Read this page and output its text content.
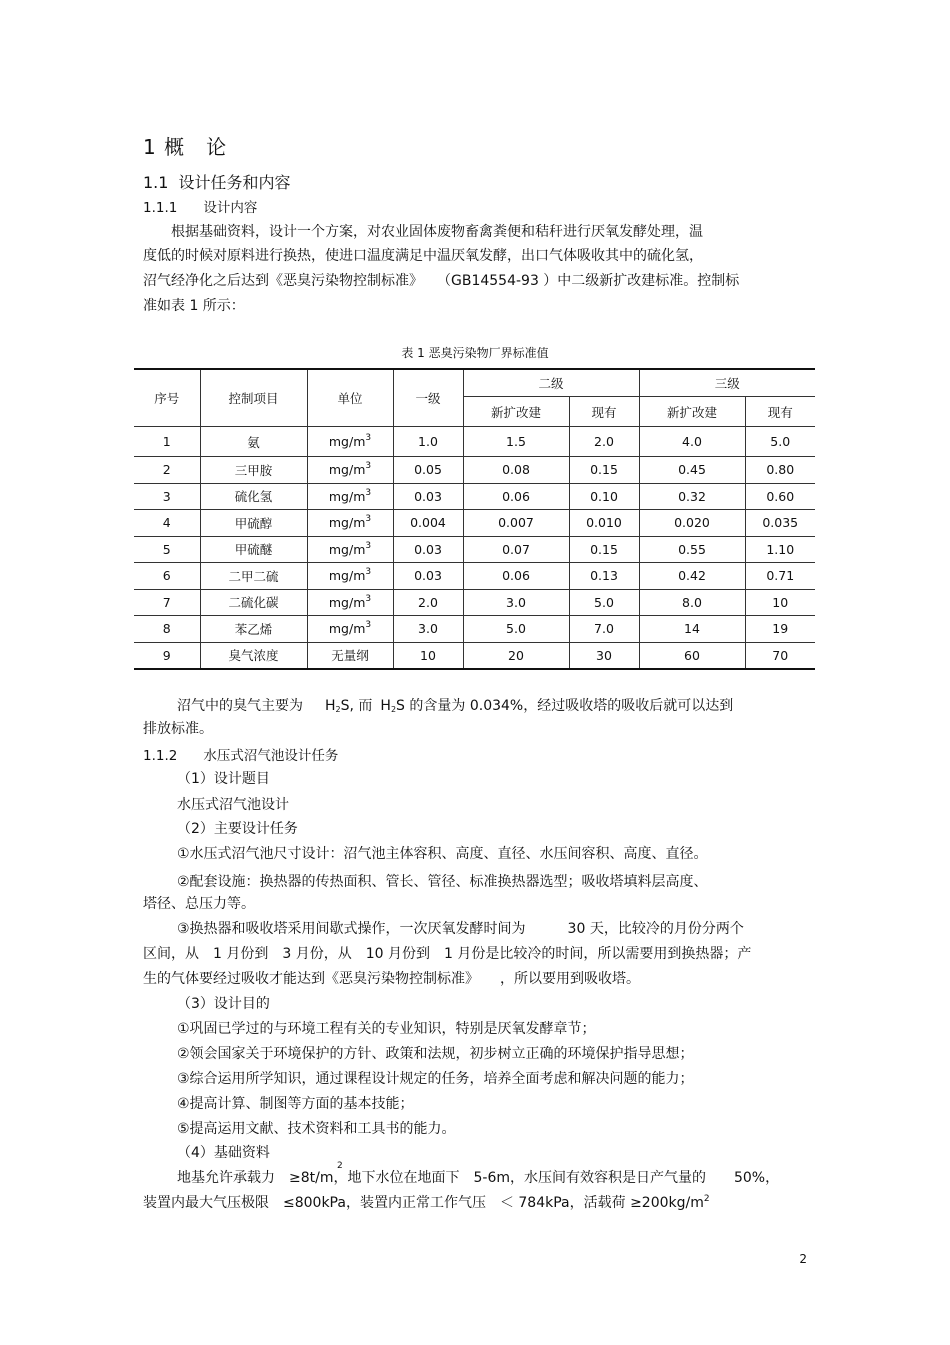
1 概　论
1.1 设计任务和内容
1.1.1 设计内容
根据基础资料，设计一个方案，对农业固体废物畜禽粪便和秸秆进行厌氧发酵处理，温
度低的时候对原料进行换热，使进口温度满足中温厌氧发酵，出口气体吸收其中的硫化氢，
沼气经净化之后达到《恶臭污染物控制标准》　　（GB14554-93 ）中二级新扩改建标准。控制标
准如表 1 所示：
表 1 恶臭污染物厂界标准值
序号	控制项目	单位	一级	二级		三级	
				新扩改建	现有	新扩改建	现有
1	氨	$mg/m^3$	1.0	1.5	2.0	4.0	5.0
2	三甲胺	$mg/m^3$	0.05	0.08	0.15	0.45	0.80
3	硫化氢	$mg/m^3$	0.03	0.06	0.10	0.32	0.60
4	甲硫醇	$mg/m^3$	0.004	0.007	0.010	0.020	0.035
5	甲硫醚	$mg/m^3$	0.03	0.07	0.15	0.55	1.10
6	二甲二硫	$mg/m^3$	0.03	0.06	0.13	0.42	0.71
7	二硫化碳	$mg/m^3$	2.0	3.0	5.0	8.0	10
8	苯乙烯	$mg/m^3$	3.0	5.0	7.0	14	19
9	臭气浓度	无量纲	10	20	30	60	70
沼气中的臭气主要为 $H_2S$, 而 $H_2S$ 的含量为 0.034%，经过吸收塔的吸收后就可以达到
排放标准。
1.1.2 水压式沼气池设计任务
（1）设计题目
水压式沼气池设计
（2）主要设计任务
①水压式沼气池尺寸设计：沼气池主体容积、高度、直径、水压间容积、高度、直径。
②配套设施：换热器的传热面积、管长、管径、标准换热器选型；吸收塔填料层高度、
塔径、总压力等。
③换热器和吸收塔采用间歇式操作，一次厌氧发酵时间为　　　30 天，比较冷的月份分两个
区间，从　1 月份到　3 月份，从　10 月份到　1 月份是比较冷的时间，所以需要用到换热器；产
生的气体要经过吸收才能达到《恶臭污染物控制标准》　　，所以要用到吸收塔。
（3）设计目的
①巩固已学过的与环境工程有关的专业知识，特别是厌氧发酵章节；
②领会国家关于环境保护的方针、政策和法规，初步树立正确的环境保护指导思想；
③综合运用所学知识，通过课程设计规定的任务，培养全面考虑和解决问题的能力；
④提高计算、制图等方面的基本技能；
⑤提高运用文献、技术资料和工具书的能力。
（4）基础资料
地基允许承载力　≥8t/m，地下水位在地面下　5-6m，水压间有效容积是日产气量的　　50%，
2
装置内最大气压极限　≤800kPa，装置内正常工作气压　＜ 784kPa，活载荷 $\ge 200kg/m^2$
2
